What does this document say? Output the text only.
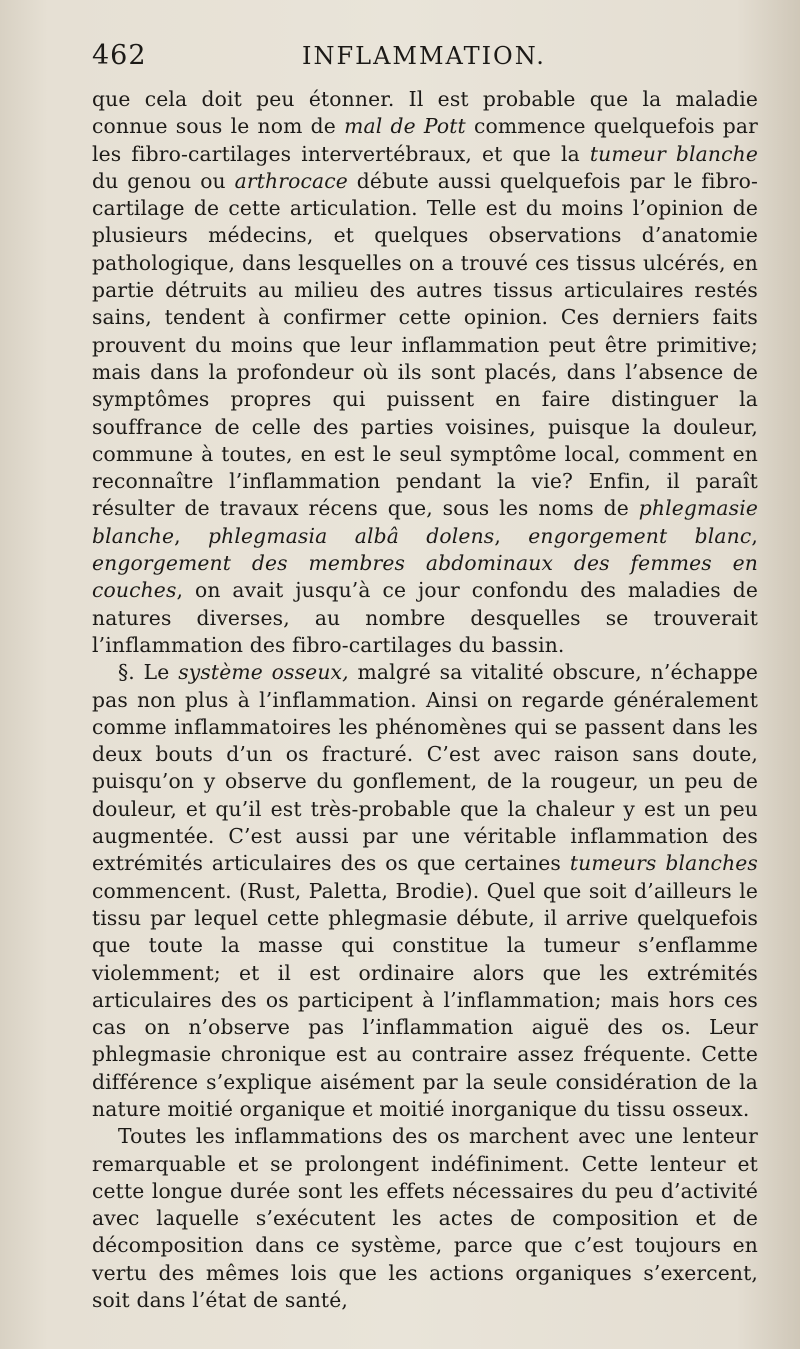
462	INFLAMMATION.

que cela doit peu étonner. Il est probable que la maladie connue sous le nom de mal de Pott commence quelquefois par les fibro-cartilages intervertébraux, et que la tumeur blanche du genou ou arthrocace débute aussi quelquefois par le fibro-cartilage de cette articulation. Telle est du moins l’opinion de plusieurs médecins, et quelques observations d’anatomie pathologique, dans lesquelles on a trouvé ces tissus ulcérés, en partie détruits au milieu des autres tissus articulaires restés sains, tendent à confirmer cette opinion. Ces derniers faits prouvent du moins que leur inflammation peut être primitive; mais dans la profondeur où ils sont placés, dans l’absence de symptômes propres qui puissent en faire distinguer la souffrance de celle des parties voisines, puisque la douleur, commune à toutes, en est le seul symptôme local, comment en reconnaître l’inflammation pendant la vie? Enfin, il paraît résulter de travaux récens que, sous les noms de phlegmasie blanche, phlegmasia albâ dolens, engorgement blanc, engorgement des membres abdominaux des femmes en couches, on avait jusqu’à ce jour confondu des maladies de natures diverses, au nombre desquelles se trouverait l’inflammation des fibro-cartilages du bassin.

§. Le système osseux, malgré sa vitalité obscure, n’échappe pas non plus à l’inflammation. Ainsi on regarde généralement comme inflammatoires les phénomènes qui se passent dans les deux bouts d’un os fracturé. C’est avec raison sans doute, puisqu’on y observe du gonflement, de la rougeur, un peu de douleur, et qu’il est très-probable que la chaleur y est un peu augmentée. C’est aussi par une véritable inflammation des extrémités articulaires des os que certaines tumeurs blanches commencent. (Rust, Paletta, Brodie). Quel que soit d’ailleurs le tissu par lequel cette phlegmasie débute, il arrive quelquefois que toute la masse qui constitue la tumeur s’enflamme violemment; et il est ordinaire alors que les extrémités articulaires des os participent à l’inflammation; mais hors ces cas on n’observe pas l’inflammation aiguë des os. Leur phlegmasie chronique est au contraire assez fréquente. Cette différence s’explique aisément par la seule considération de la nature moitié organique et moitié inorganique du tissu osseux.

Toutes les inflammations des os marchent avec une lenteur remarquable et se prolongent indéfiniment. Cette lenteur et cette longue durée sont les effets nécessaires du peu d’activité avec laquelle s’exécutent les actes de composition et de décomposition dans ce système, parce que c’est toujours en vertu des mêmes lois que les actions organiques s’exercent, soit dans l’état de santé,
